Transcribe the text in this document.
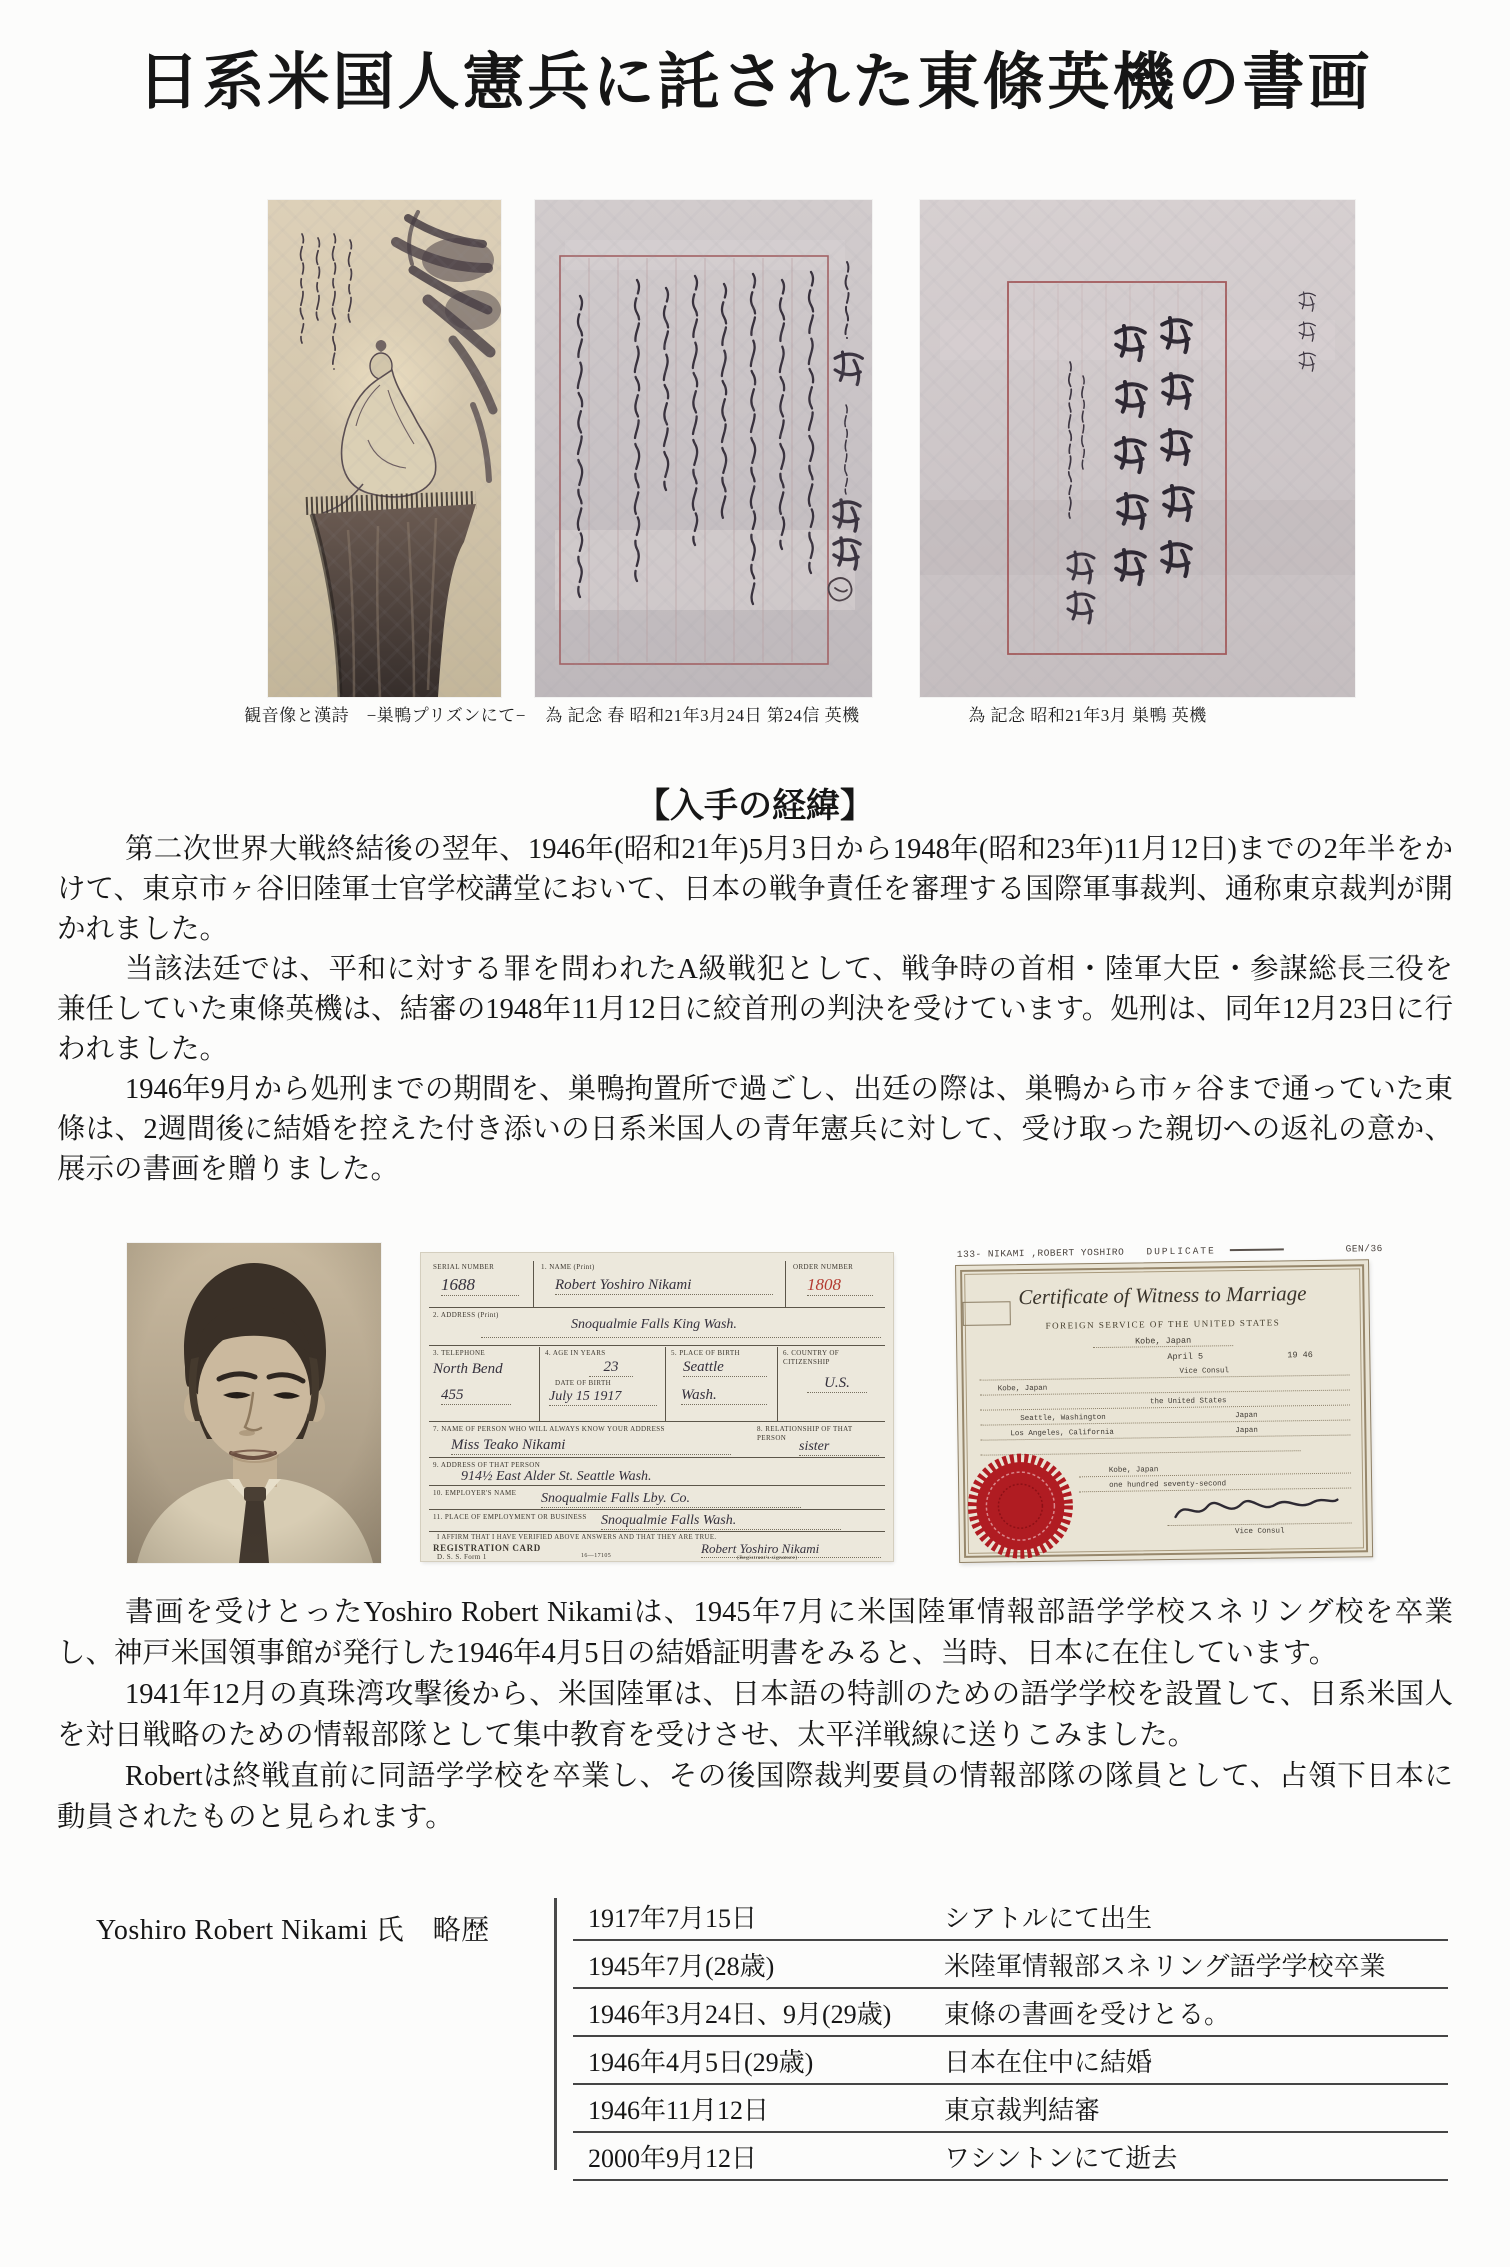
日系米国人憲兵に託された東條英機の書画
観音像と漢詩　−巣鴨プリズンにて−	為 記念 春 昭和21年3月24日 第24信 英機	為 記念 昭和21年3月 巣鴨 英機
【入手の経緯】

第二次世界大戦終結後の翌年、1946年(昭和21年)5月3日から1948年(昭和23年)11月12日)までの2年半をかけて、東京市ヶ谷旧陸軍士官学校講堂において、日本の戦争責任を審理する国際軍事裁判、通称東京裁判が開かれました。

当該法廷では、平和に対する罪を問われたA級戦犯として、戦争時の首相・陸軍大臣・参謀総長三役を兼任していた東條英機は、結審の1948年11月12日に絞首刑の判決を受けています。処刑は、同年12月23日に行われました。

1946年9月から処刑までの期間を、巣鴨拘置所で過ごし、出廷の際は、巣鴨から市ヶ谷まで通っていた東條は、2週間後に結婚を控えた付き添いの日系米国人の青年憲兵に対して、受け取った親切への返礼の意か、展示の書画を贈りました。

SERIAL NUMBER
1688
1. NAME (Print)
Robert Yoshiro Nikami
ORDER NUMBER
1808
2. ADDRESS (Print)
Snoqualmie Falls King Wash.
3. TELEPHONE
North Bend
455
4. AGE IN YEARS
23
DATE OF BIRTH
July 15 1917
5. PLACE OF BIRTH
Seattle
Wash.
6. COUNTRY OF CITIZENSHIP
U.S.
7. NAME OF PERSON WHO WILL ALWAYS KNOW YOUR ADDRESS
Miss Teako Nikami
8. RELATIONSHIP OF THAT PERSON
sister
9. ADDRESS OF THAT PERSON
914½ East Alder St. Seattle Wash.
10. EMPLOYER'S NAME Snoqualmie Falls Lby. Co.
11. PLACE OF EMPLOYMENT OR BUSINESS Snoqualmie Falls Wash.
I AFFIRM THAT I HAVE VERIFIED ABOVE ANSWERS AND THAT THEY ARE TRUE.
REGISTRATION CARD
D. S. S. Form 1	16—17105	Robert Yoshiro Nikami
(Registrant's signature)
133- NIKAMI ,ROBERT YOSHIRO DUPLICATE	GEN/36
Certificate of Witness to Marriage
FOREIGN SERVICE OF THE UNITED STATES
Kobe, Japan
April 5	19 46
Vice Consul
Kobe, Japan
the United States
Seattle, Washington	Japan
Los Angeles, California	Japan
Kobe, Japan
one hundred seventy-second
Vice Consul

書画を受けとったYoshiro Robert Nikamiは、1945年7月に米国陸軍情報部語学学校スネリング校を卒業し、神戸米国領事館が発行した1946年4月5日の結婚証明書をみると、当時、日本に在住しています。

1941年12月の真珠湾攻撃後から、米国陸軍は、日本語の特訓のための語学学校を設置して、日系米国人を対日戦略のための情報部隊として集中教育を受けさせ、太平洋戦線に送りこみました。

Robertは終戦直前に同語学学校を卒業し、その後国際裁判要員の情報部隊の隊員として、占領下日本に動員されたものと見られます。

Yoshiro Robert Nikami 氏　略歴	1917年7月15日	シアトルにて出生
1945年7月(28歳)	米陸軍情報部スネリング語学学校卒業
1946年3月24日、9月(29歳)	東條の書画を受けとる。
1946年4月5日(29歳)	日本在住中に結婚
1946年11月12日	東京裁判結審
2000年9月12日	ワシントンにて逝去
